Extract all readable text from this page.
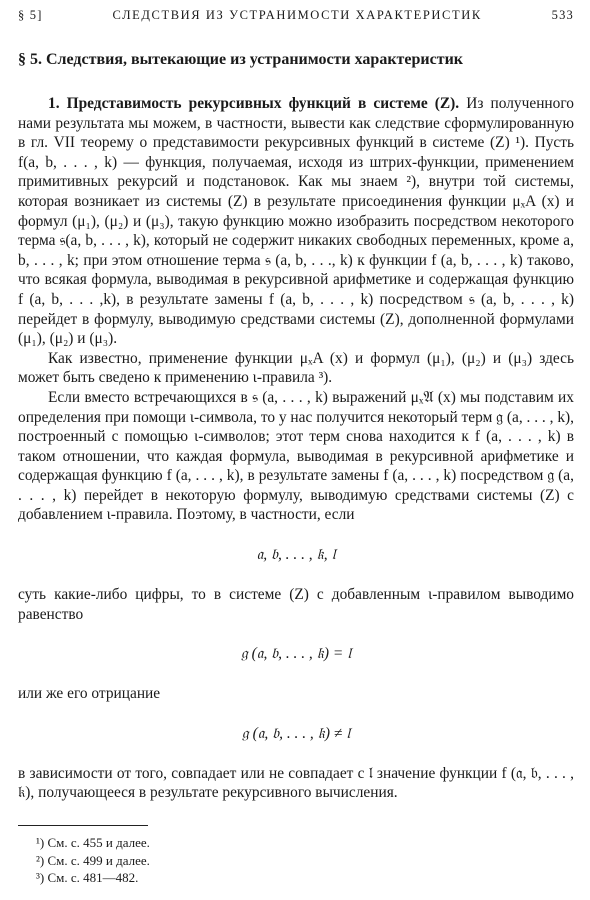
§ 5]	СЛЕДСТВИЯ ИЗ УСТРАНИМОСТИ ХАРАКТЕРИСТИК	533
§ 5. Следствия, вытекающие из устранимости характеристик

1. Представимость рекурсивных функций в системе (Z). Из полученного нами результата мы можем, в частности, вывести как следствие сформулированную в гл. VII теорему о представимости рекурсивных функций в системе (Z) ¹). Пусть f(a, b, . . . , k) — функция, получаемая, исходя из штрих-функции, применением примитивных рекурсий и подстановок. Как мы знаем ²), внутри той системы, которая возникает из системы (Z) в результате присоединения функции μₓA (x) и формул (μ₁), (μ₂) и (μ₃), такую функцию можно изобразить посредством некоторого терма 𝔰(a, b, . . . , k), который не содержит никаких свободных переменных, кроме a, b, . . . , k; при этом отношение терма 𝔰 (a, b, . . ., k) к функции f (a, b, . . . , k) таково, что всякая формула, выводимая в рекурсивной арифметике и содержащая функцию f (a, b, . . . ,k), в результате замены f (a, b, . . . , k) посредством 𝔰 (a, b, . . . , k) перейдет в формулу, выводимую средствами системы (Z), дополненной формулами (μ₁), (μ₂) и (μ₃).

Как известно, применение функции μₓA (x) и формул (μ₁), (μ₂) и (μ₃) здесь может быть сведено к применению ι-правила ³).

Если вместо встречающихся в 𝔰 (a, . . . , k) выражений μₓ𝔄 (x) мы подставим их определения при помощи ι-символа, то у нас получится некоторый терм 𝔤 (a, . . . , k), построенный с помощью ι-символов; этот терм снова находится к f (a, . . . , k) в таком отношении, что каждая формула, выводимая в рекурсивной арифметике и содержащая функцию f (a, . . . , k), в результате замены f (a, . . . , k) посредством 𝔤 (a, . . . , k) перейдет в некоторую формулу, выводимую средствами системы (Z) с добавлением ι-правила. Поэтому, в частности, если

𝔞, 𝔟, . . . , 𝔨, 𝔩

суть какие-либо цифры, то в системе (Z) с добавленным ι-правилом выводимо равенство

𝔤 (𝔞, 𝔟, . . . , 𝔨) = 𝔩

или же его отрицание

𝔤 (𝔞, 𝔟, . . . , 𝔨) ≠ 𝔩

в зависимости от того, совпадает или не совпадает с 𝔩 значение функции f (𝔞, 𝔟, . . . , 𝔨), получающееся в результате рекурсивного вычисления.

¹) См. с. 455 и далее.
²) См. с. 499 и далее.
³) См. с. 481—482.
